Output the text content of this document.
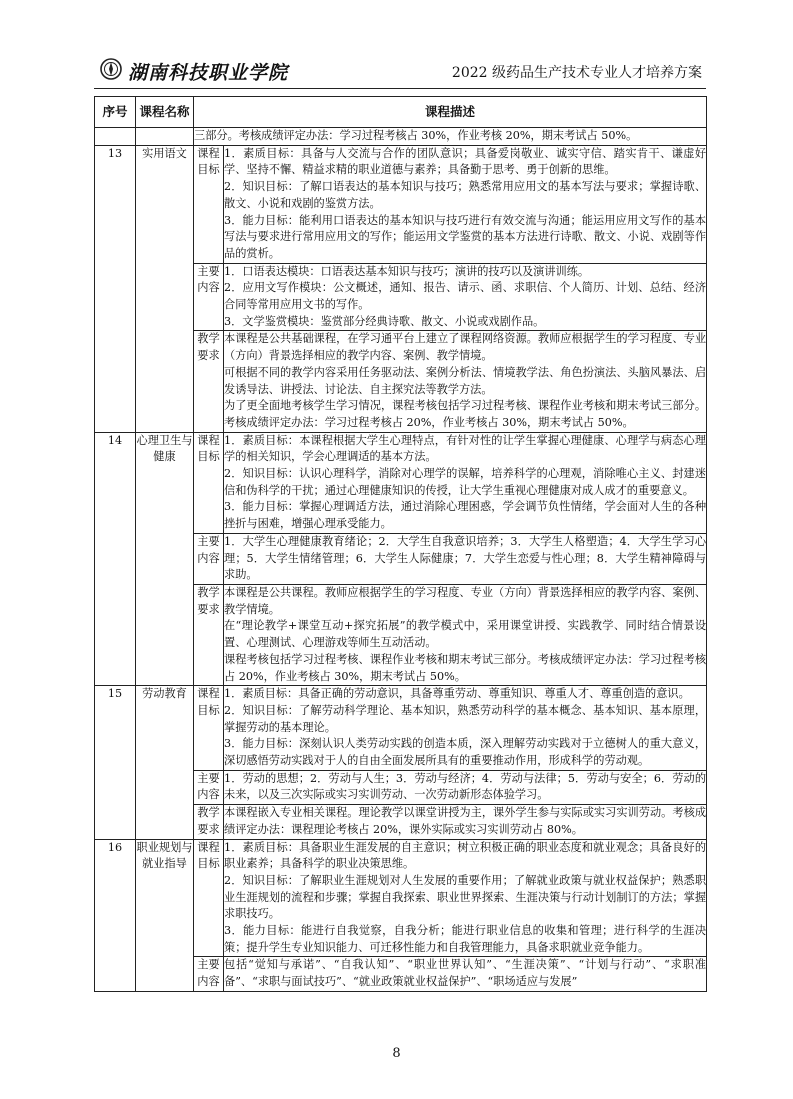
湖南科技职业学院	2022 级药品生产技术专业人才培养方案
序号	课程名称	课程描述	
		三部分。考核成绩评定办法：学习过程考核占 30%，作业考核 20%，期末考试占 50%。	
13	实用语文	课程目标	1．素质目标：具备与人交流与合作的团队意识；具备爱岗敬业、诚实守信、踏实肯干、谦虚好学、坚持不懈、精益求精的职业道德与素养；具备勤于思考、勇于创新的思维。

2．知识目标：了解口语表达的基本知识与技巧；熟悉常用应用文的基本写法与要求；掌握诗歌、散文、小说和戏剧的鉴赏方法。

3．能力目标：能利用口语表达的基本知识与技巧进行有效交流与沟通；能运用应用文写作的基本写法与要求进行常用应用文的写作；能运用文学鉴赏的基本方法进行诗歌、散文、小说、戏剧等作品的赏析。

		主要内容	1．口语表达模块：口语表达基本知识与技巧；演讲的技巧以及演讲训练。

2．应用文写作模块：公文概述，通知、报告、请示、函、求职信、个人简历、计划、总结、经济合同等常用应用文书的写作。

3．文学鉴赏模块：鉴赏部分经典诗歌、散文、小说或戏剧作品。

		教学要求	本课程是公共基础课程，在学习通平台上建立了课程网络资源。教师应根据学生的学习程度、专业（方向）背景选择相应的教学内容、案例、教学情境。

可根据不同的教学内容采用任务驱动法、案例分析法、情境教学法、角色扮演法、头脑风暴法、启发诱导法、讲授法、讨论法、自主探究法等教学方法。

为了更全面地考核学生学习情况，课程考核包括学习过程考核、课程作业考核和期末考试三部分。考核成绩评定办法：学习过程考核占 20%，作业考核占 30%，期末考试占 50%。

14	心理卫生与健康	课程目标	1．素质目标：本课程根据大学生心理特点，有针对性的让学生掌握心理健康、心理学与病态心理学的相关知识，学会心理调适的基本方法。

2．知识目标：认识心理科学，消除对心理学的误解，培养科学的心理观，消除唯心主义、封建迷信和伪科学的干扰；通过心理健康知识的传授，让大学生重视心理健康对成人成才的重要意义。

3．能力目标：掌握心理调适方法，通过消除心理困惑，学会调节负性情绪，学会面对人生的各种挫折与困难，增强心理承受能力。

		主要内容	1．大学生心理健康教育绪论；2．大学生自我意识培养；3．大学生人格塑造；4．大学生学习心理；5．大学生情绪管理；6．大学生人际健康；7．大学生恋爱与性心理；8．大学生精神障碍与求助。

		教学要求	本课程是公共课程。教师应根据学生的学习程度、专业（方向）背景选择相应的教学内容、案例、教学情境。

在“理论教学+课堂互动+探究拓展”的教学模式中，采用课堂讲授、实践教学、同时结合情景设置、心理测试、心理游戏等师生互动活动。

课程考核包括学习过程考核、课程作业考核和期末考试三部分。考核成绩评定办法：学习过程考核占 20%，作业考核占 30%，期末考试占 50%。

15	劳动教育	课程目标	1．素质目标：具备正确的劳动意识，具备尊重劳动、尊重知识、尊重人才、尊重创造的意识。

2．知识目标：了解劳动科学理论、基本知识，熟悉劳动科学的基本概念、基本知识、基本原理，掌握劳动的基本理论。

3．能力目标：深刻认识人类劳动实践的创造本质，深入理解劳动实践对于立德树人的重大意义，深切感悟劳动实践对于人的自由全面发展所具有的重要推动作用，形成科学的劳动观。

		主要内容	1．劳动的思想；2．劳动与人生；3．劳动与经济；4．劳动与法律；5．劳动与安全；6．劳动的未来，以及三次实际或实习实训劳动、一次劳动新形态体验学习。

		教学要求	本课程嵌入专业相关课程。理论教学以课堂讲授为主，课外学生参与实际或实习实训劳动。考核成绩评定办法：课程理论考核占 20%，课外实际或实习实训劳动占 80%。

16	职业规划与就业指导	课程目标	1．素质目标：具备职业生涯发展的自主意识；树立积极正确的职业态度和就业观念；具备良好的职业素养；具备科学的职业决策思维。

2．知识目标：了解职业生涯规划对人生发展的重要作用；了解就业政策与就业权益保护；熟悉职业生涯规划的流程和步骤；掌握自我探索、职业世界探索、生涯决策与行动计划制订的方法；掌握求职技巧。

3．能力目标：能进行自我觉察，自我分析；能进行职业信息的收集和管理；进行科学的生涯决策；提升学生专业知识能力、可迁移性能力和自我管理能力，具备求职就业竞争能力。

		主要内容	包括“觉知与承诺”、“自我认知”、“职业世界认知”、“生涯决策”、“计划与行动”、“求职准备”、“求职与面试技巧”、“就业政策就业权益保护”、“职场适应与发展”

8
